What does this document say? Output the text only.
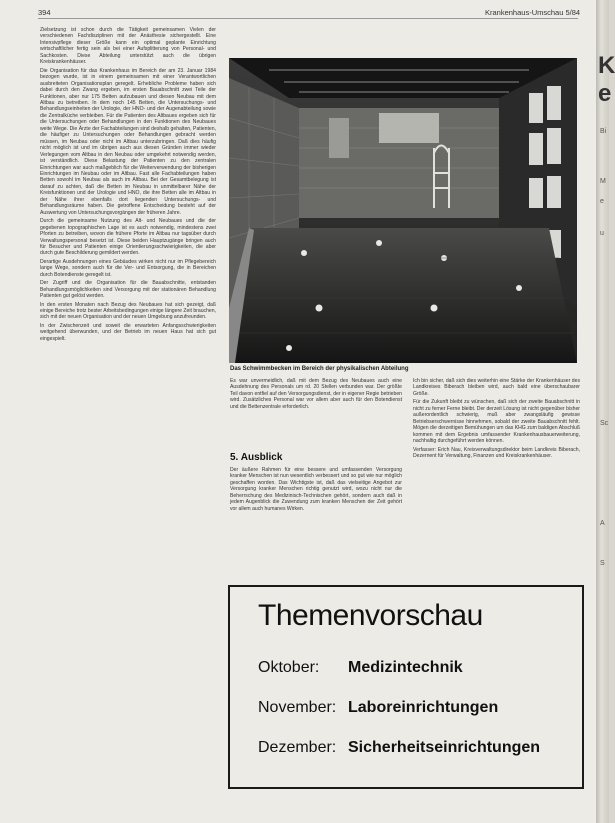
394	Krankenhaus-Umschau 5/84

Zielsetzung ist schon durch die Tätigkeit gemeinsamen Vielen der verschiedenen Fachdisziplinen mit der Anästhesie sichergestellt. Eine Intensivpflege dieser Größe kann ein optimal geplante Einrichtung wirtschaftlicher fertig sein als bei einer Aufsplitterung von Personal- und Sachkosten. Diese Abteilung unterstützt auch die übrigen Kreiskrankenhäuser.

Die Organisation für das Krankenhaus im Bereich der am 23. Januar 1984 bezogen wurde, ist in einem gemeinsamen mit einer Verantwortlichen ausbreiteten Organisationsplan geregelt. Erhebliche Probleme haben sich dabei durch den Zwang ergeben, im ersten Bauabschnitt zwei Teile der Funktionen, aber nur 175 Betten aufzubauen und diesen Neubau mit dem Altbau zu betreiben. In dem noch 145 Betten, die Untersuchungs- und Behandlungseinheiten der Urologie, der HNO- und der Augenabteilung sowie die Zentralküche verbleiben. Für die Patienten des Altbaues ergeben sich für die Untersuchungen oder Behandlungen in den Funktionen des Neubaues weite Wege. Die Ärzte der Fachabteilungen sind deshalb gehalten, Patienten, die häufiger zu Untersuchungen oder Behandlungen gebracht werden müssen, im Neubau oder nicht im Altbau unterzubringen. Daß dies häufig nicht möglich ist und im übrigen auch aus diesen Gründen immer wieder Verlegungen vom Altbau in den Neubau oder umgekehrt notwendig werden, ist verständlich. Diese Belastung der Patienten zu den zentralen Einrichtungen war auch maßgeblich für die Weiterverwendung der bisherigen Einrichtungen im Neubau oder im Altbau. Fast alle Fachabteilungen haben Betten sowohl im Neubau als auch im Altbau. Bei der Gesamtbelegung ist darauf zu achten, daß die Betten im Neubau in unmittelbarer Nähe der Kreisfunktionen und der Urologie und HNO, die ihre Betten alle im Altbau in der Nähe ihrer ebenfalls dort liegenden Untersuchungs- und Behandlungsräume haben. Die getroffene Entscheidung besteht auf der Auswertung von Untersuchungsvorgängen der früheren Jahre.

Durch die gemeinsame Nutzung des Alt- und Neubaues und die der gegebenen topographischen Lage ist es auch notwendig, mindestens zwei Pforten zu betreiben, wovon die frühere Pforte im Altbau nur tagsüber durch Verwaltungspersonal besetzt ist. Diese beiden Hauptzugänge bringen auch für Besucher und Patienten einige Orientierungsschwierigkeiten, die aber durch gute Beschilderung gemildert werden.

Derartige Ausdehnungen eines Gebäudes wirken nicht nur im Pflegebereich lange Wege, sondern auch für die Ver- und Entsorgung, die in Bereichen durch Botendienste geregelt ist.

Der Zugriff und die Organisation für die Bauabschnitte, entstanden Behandlungsmöglichkeiten sind Versorgung mit der stationären Behandlung Patienten gut gelöst werden.

In den ersten Monaten nach Bezug des Neubaues hat sich gezeigt, daß einige Bereiche trotz bester Arbeitsbedingungen einige längere Zeit brauchen, sich mit der neuen Organisation und der neuen Umgebung anzufreunden.

In der Zwischenzeit und soweit die erwarteten Anfangsschwierigkeiten weitgehend überwunden, und der Betrieb im neuen Haus hat sich gut eingespielt.

Das Schwimmbecken im Bereich der physikalischen Abteilung

Es war unvermeidlich, daß mit dem Bezug des Neubaues auch eine Ausdehnung des Personals um rd. 20 Stellen verbunden war. Der größte Teil davon entfiel auf den Versorgungsdienst, der in eigener Regie betrieben wird. Zusätzliches Personal war vor allem aber auch für den Botendienst und die Bettenzentrale erforderlich.

5. Ausblick

Der äußere Rahmen für eine bessere und umfassenden Versorgung kranker Menschen ist nun wesentlich verbessert und so gut wie nur möglich geschaffen worden. Das Wichtigste ist, daß das vielseitige Angebot zur Versorgung kranker Menschen richtig genutzt wird, wozu nicht nur die Beherrschung des Medizinisch-Technischen gehört, sondern auch daß in jedem Augenblick die Zuwendung zum kranken Menschen der Zeit gehört vor allem auch humanes Wirken.

Ich bin sicher, daß sich dies weiterhin eine Stärke der Krankenhäuser des Landkreises Biberach bleiben wird, auch bald eine überschaubarer Größe.

Für die Zukunft bleibt zu wünschen, daß sich der zweite Bauabschnitt in nicht zu ferner Ferne bleibt. Der derzeit Lösung ist nicht gegenüber bisher außerordentlich schwierig, muß aber zwangsläufig gewisse Betriebserschwernisse hinnehmen, sobald der zweite Bauabschnitt fehlt. Mögen die derzeitigen Bemühungen um das KHG zum baldigen Abschluß kommen mit dem Ergebnis umfassender Krankenhausbauerweiterung, nachhaltig durchgeführt werden können.

Verfasser: Erich Nau, Kreisverwaltungsdirektor beim Landkreis Biberach, Dezernent für Verwaltung, Finanzen und Kreiskrankenhäuser.

Themenvorschau
Oktober: Medizintechnik
November: Laboreinrichtungen
Dezember: Sicherheitseinrichtungen
K
e
Bi
M
e
u
Sc
A
S
